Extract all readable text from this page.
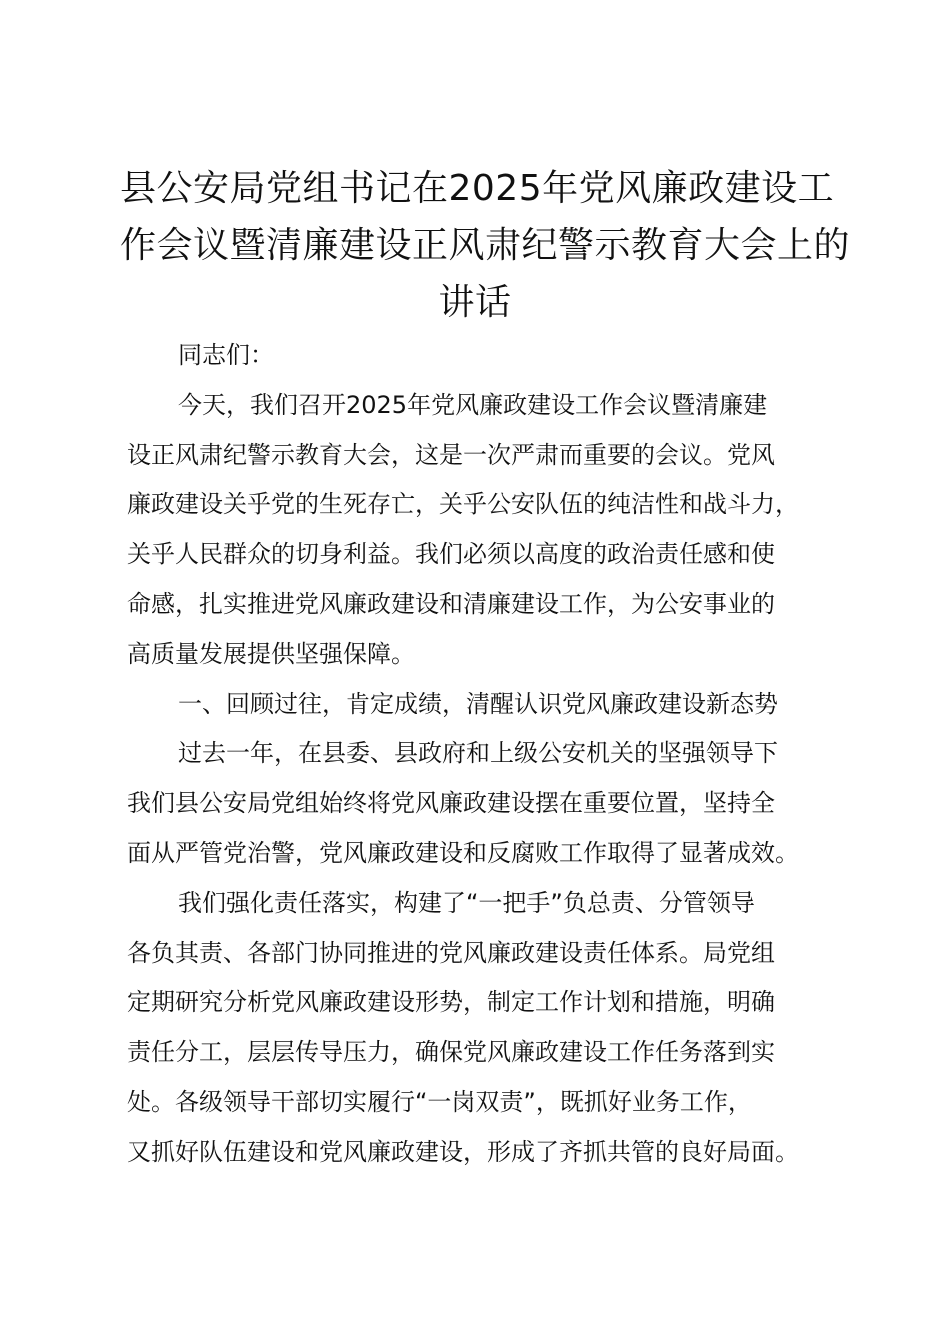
县公安局党组书记在2025年党风廉政建设工
作会议暨清廉建设正风肃纪警示教育大会上的
讲话
同志们：
今天，我们召开2025年党风廉政建设工作会议暨清廉建
设正风肃纪警示教育大会，这是一次严肃而重要的会议。党风
廉政建设关乎党的生死存亡，关乎公安队伍的纯洁性和战斗力，
关乎人民群众的切身利益。我们必须以高度的政治责任感和使
命感，扎实推进党风廉政建设和清廉建设工作，为公安事业的
高质量发展提供坚强保障。
一、回顾过往，肯定成绩，清醒认识党风廉政建设新态势
过去一年，在县委、县政府和上级公安机关的坚强领导下
我们县公安局党组始终将党风廉政建设摆在重要位置，坚持全
面从严管党治警，党风廉政建设和反腐败工作取得了显著成效。
我们强化责任落实，构建了“一把手”负总责、分管领导
各负其责、各部门协同推进的党风廉政建设责任体系。局党组
定期研究分析党风廉政建设形势，制定工作计划和措施，明确
责任分工，层层传导压力，确保党风廉政建设工作任务落到实
处。各级领导干部切实履行“一岗双责”，既抓好业务工作，
又抓好队伍建设和党风廉政建设，形成了齐抓共管的良好局面。
